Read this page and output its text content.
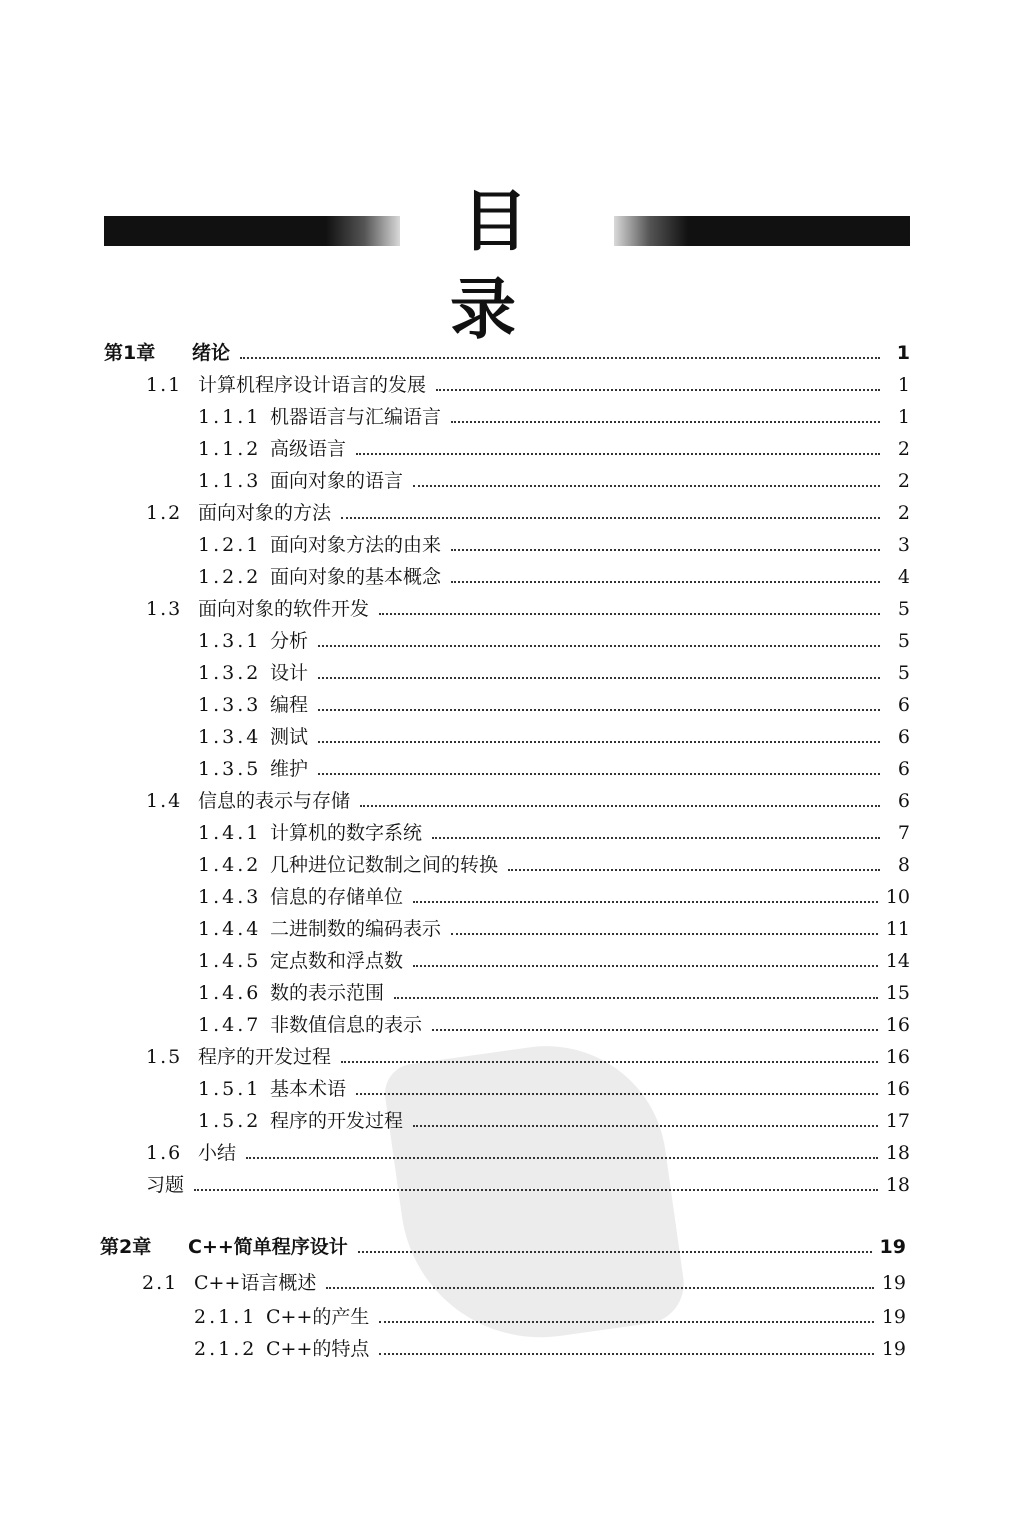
目 录
第1章	绪论	1
1.1 计算机程序设计语言的发展	1
1.1.1 机器语言与汇编语言	1
1.1.2 高级语言	2
1.1.3 面向对象的语言	2
1.2 面向对象的方法	2
1.2.1 面向对象方法的由来	3
1.2.2 面向对象的基本概念	4
1.3 面向对象的软件开发	5
1.3.1 分析	5
1.3.2 设计	5
1.3.3 编程	6
1.3.4 测试	6
1.3.5 维护	6
1.4 信息的表示与存储	6
1.4.1 计算机的数字系统	7
1.4.2 几种进位记数制之间的转换	8
1.4.3 信息的存储单位	10
1.4.4 二进制数的编码表示	11
1.4.5 定点数和浮点数	14
1.4.6 数的表示范围	15
1.4.7 非数值信息的表示	16
1.5 程序的开发过程	16
1.5.1 基本术语	16
1.5.2 程序的开发过程	17
1.6 小结	18
习题	18
第2章	C++简单程序设计	19
2.1 C++语言概述	19
2.1.1 C++的产生	19
2.1.2 C++的特点	19
